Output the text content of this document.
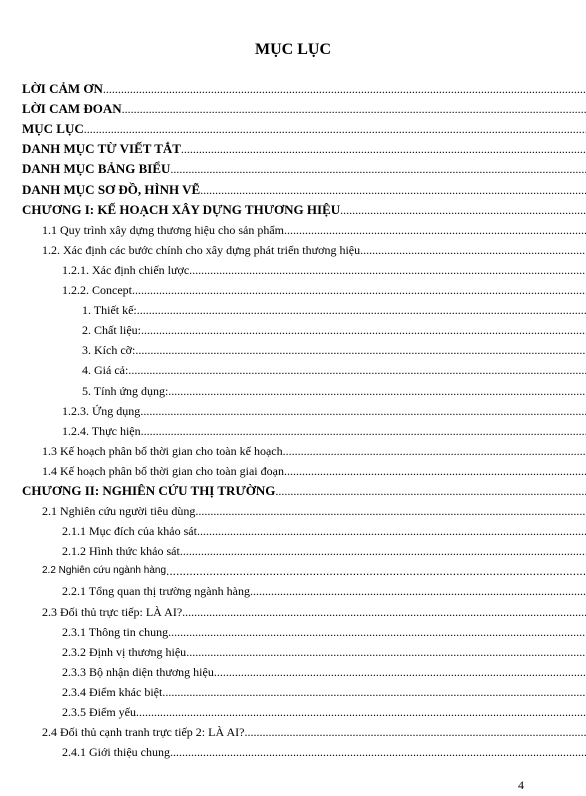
MỤC LỤC
LỜI CẢM ƠN
.....
LỜI CAM ĐOAN
.....
MỤC LỤC
.....
DANH MỤC TỪ VIẾT TẮT
.....
DANH MỤC BẢNG BIỂU
.....
DANH MỤC SƠ ĐỒ, HÌNH VẼ
.....
CHƯƠNG I: KẾ HOẠCH XÂY DỰNG THƯƠNG HIỆU
.....
1.1 Quy trình xây dựng thương hiệu cho sản phẩm
.....
1.2. Xác định các bước chính cho xây dựng phát triển thương hiệu
.....
1.2.1. Xác định chiến lược
.....
1.2.2. Concept
.....
1. Thiết kế:
.....
2. Chất liệu:
.....
3. Kích cỡ:
.....
4. Giá cả:
.....
5. Tính ứng dụng:
.....
1.2.3. Ứng dụng
.....
1.2.4. Thực hiện
.....
1.3 Kế hoạch phân bố thời gian cho toàn kế hoạch
.....
1.4 Kế hoạch phân bố thời gian cho toàn giai đoạn
.....
CHƯƠNG II: NGHIÊN CỨU THỊ TRƯỜNG
.....
2.1 Nghiên cứu người tiêu dùng
.....
2.1.1 Mục đích của khảo sát
.....
2.1.2 Hình thức khảo sát
.....
2.2 Nghiên cứu ngành hàng
.....
2.2.1 Tổng quan thị trường ngành hàng
.....
2.3 Đối thủ trực tiếp: LÀ AI?
.....
2.3.1 Thông tin chung
.....
2.3.2 Định vị thương hiệu
.....
2.3.3 Bộ nhận diện thương hiệu
.....
2.3.4 Điểm khác biệt
.....
2.3.5 Điểm yếu
.....
2.4 Đối thủ cạnh tranh trực tiếp 2: LÀ AI?
.....
2.4.1 Giới thiệu chung
.....
4
